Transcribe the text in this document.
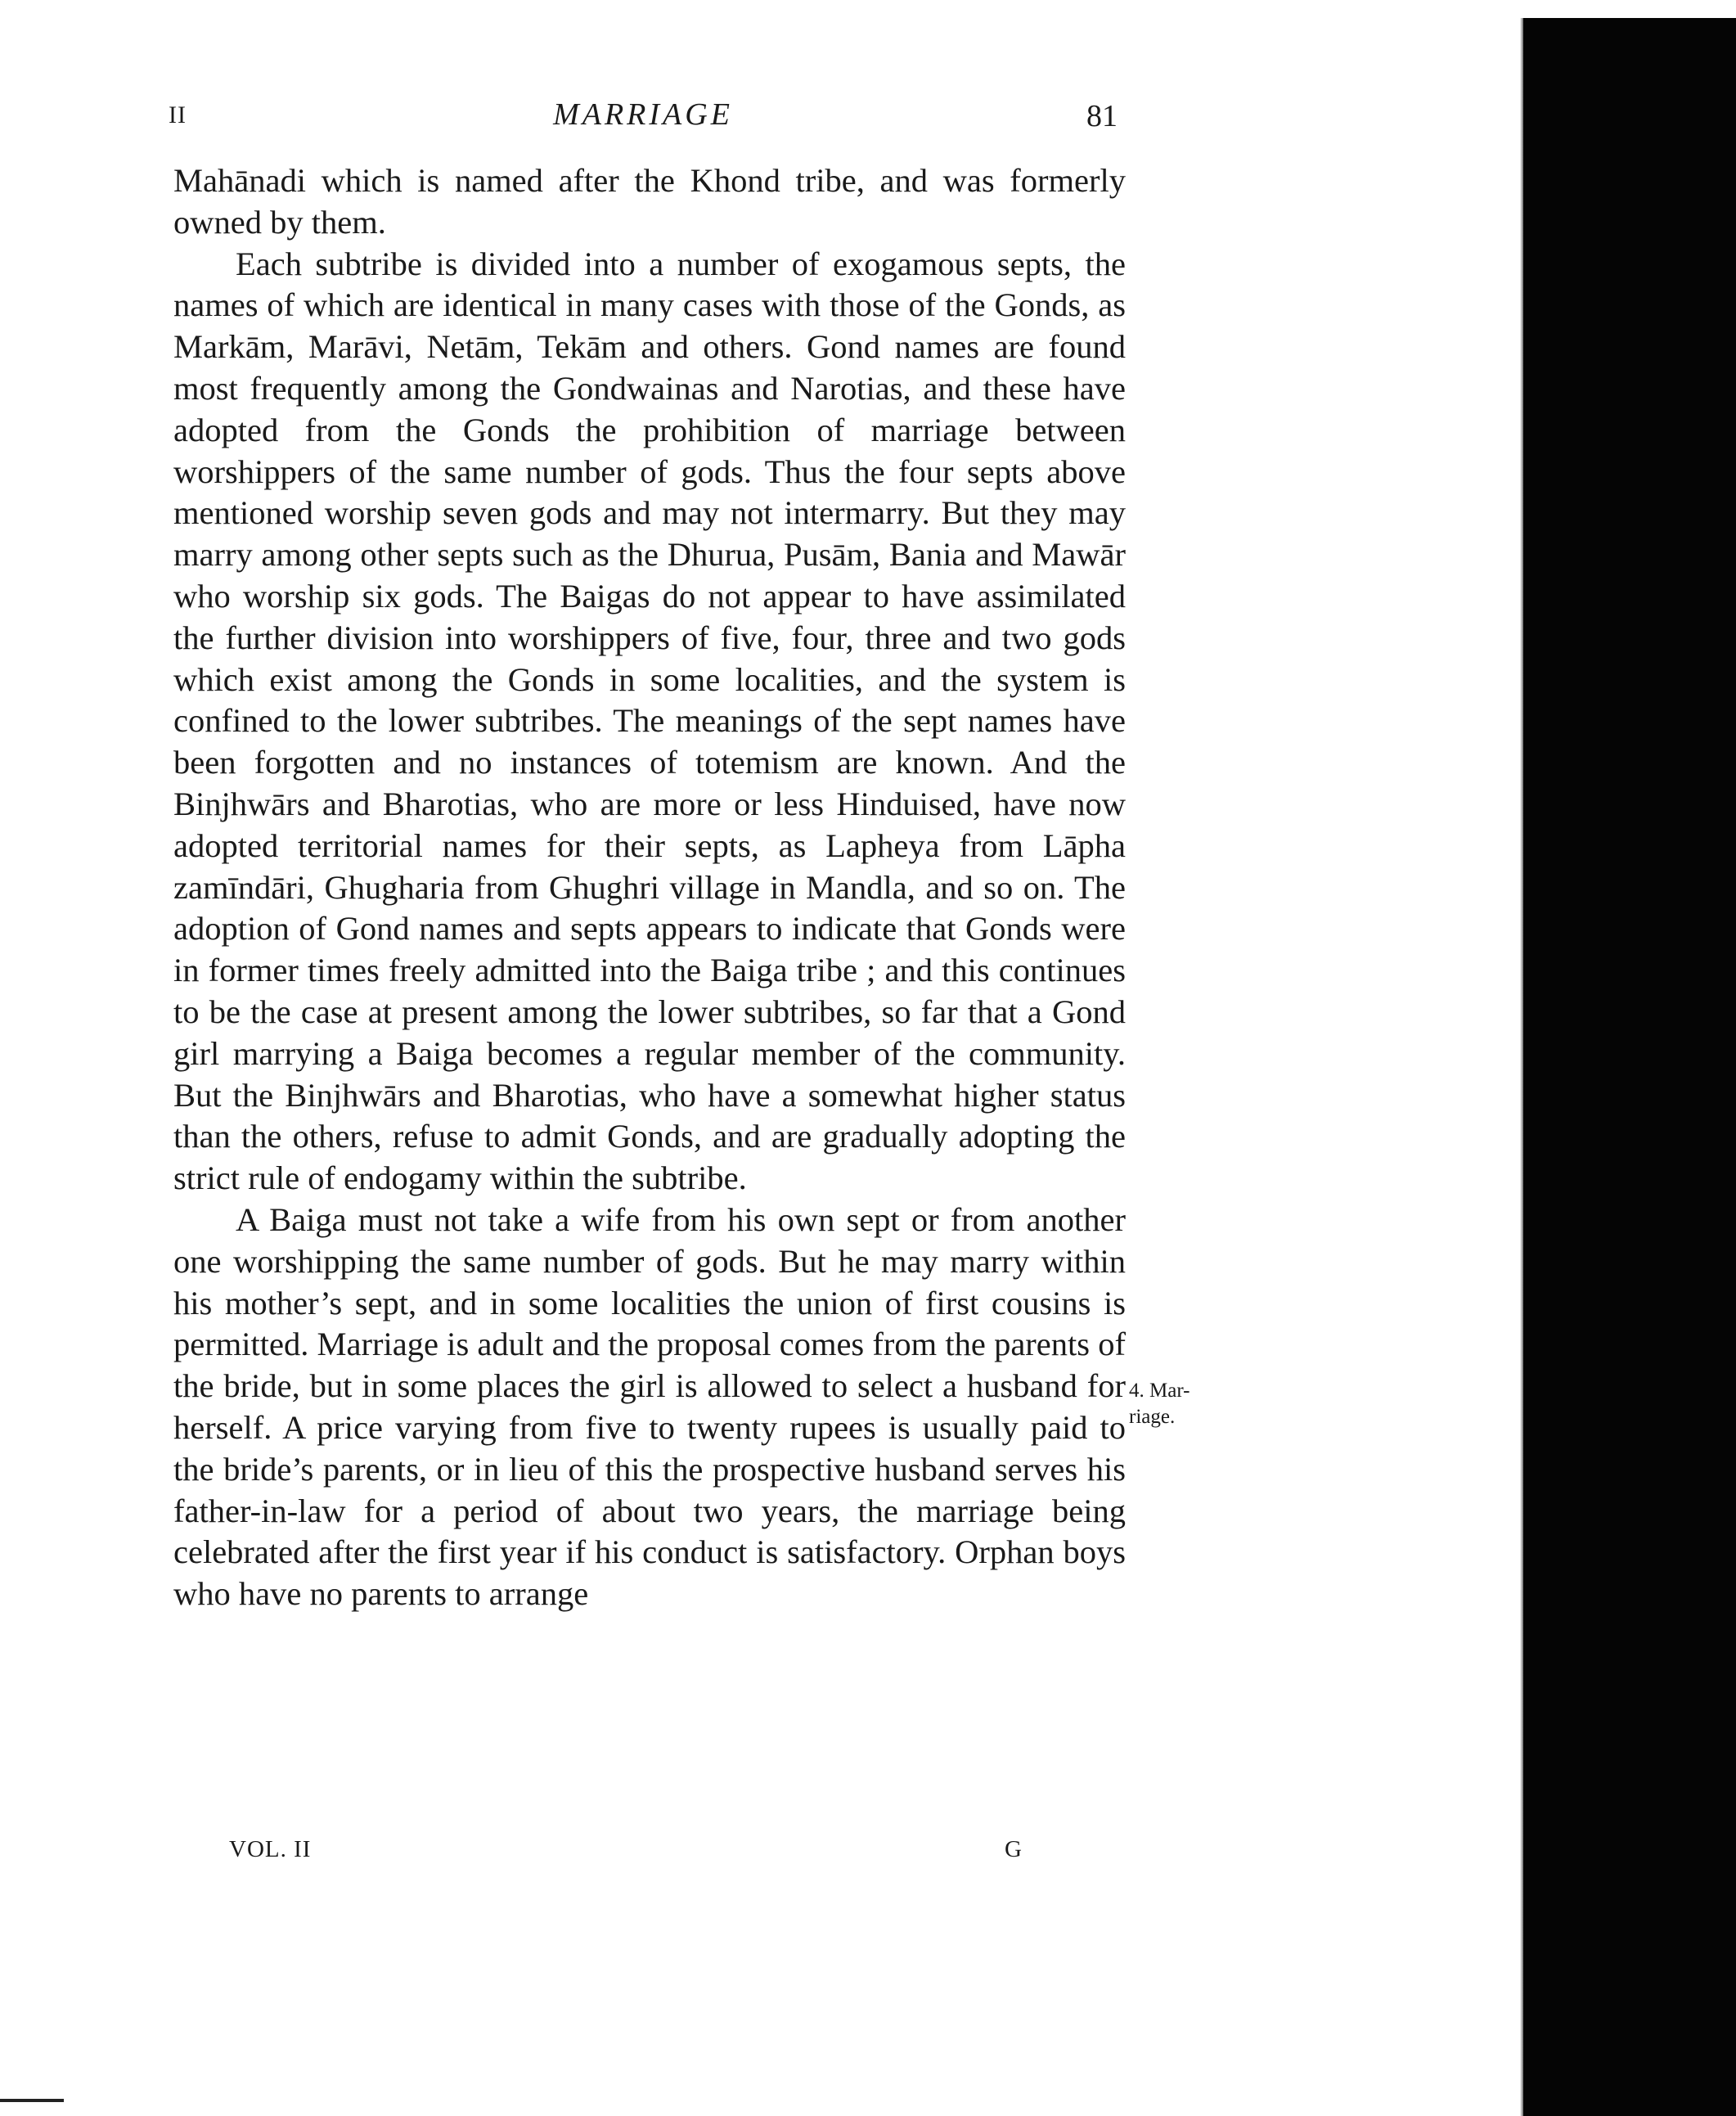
II	MARRIAGE	81

Mahānadi which is named after the Khond tribe, and was formerly owned by them.

Each subtribe is divided into a number of exogamous septs, the names of which are identical in many cases with those of the Gonds, as Markām, Marāvi, Netām, Tekām and others. Gond names are found most frequently among the Gondwainas and Narotias, and these have adopted from the Gonds the prohibition of marriage between worshippers of the same number of gods. Thus the four septs above mentioned worship seven gods and may not intermarry. But they may marry among other septs such as the Dhurua, Pusām, Bania and Mawār who worship six gods. The Baigas do not appear to have assimilated the further division into worshippers of five, four, three and two gods which exist among the Gonds in some localities, and the system is confined to the lower subtribes. The meanings of the sept names have been forgotten and no instances of totemism are known. And the Binjhwārs and Bharotias, who are more or less Hinduised, have now adopted territorial names for their septs, as Lapheya from Lāpha zamīndāri, Ghugharia from Ghughri village in Mandla, and so on. The adoption of Gond names and septs appears to indicate that Gonds were in former times freely admitted into the Baiga tribe ; and this continues to be the case at present among the lower subtribes, so far that a Gond girl marrying a Baiga becomes a regular member of the community. But the Binjhwārs and Bharotias, who have a somewhat higher status than the others, refuse to admit Gonds, and are gradually adopting the strict rule of endogamy within the subtribe.

A Baiga must not take a wife from his own sept or from another one worshipping the same number of gods. But he may marry within his mother’s sept, and in some localities the union of first cousins is permitted. Marriage is adult and the proposal comes from the parents of the bride, but in some places the girl is allowed to select a husband for herself. A price varying from five to twenty rupees is usually paid to the bride’s parents, or in lieu of this the prospective husband serves his father-in-law for a period of about two years, the marriage being celebrated after the first year if his conduct is satisfactory. Orphan boys who have no parents to arrange

4. Mar-
riage.
VOL. II	G
